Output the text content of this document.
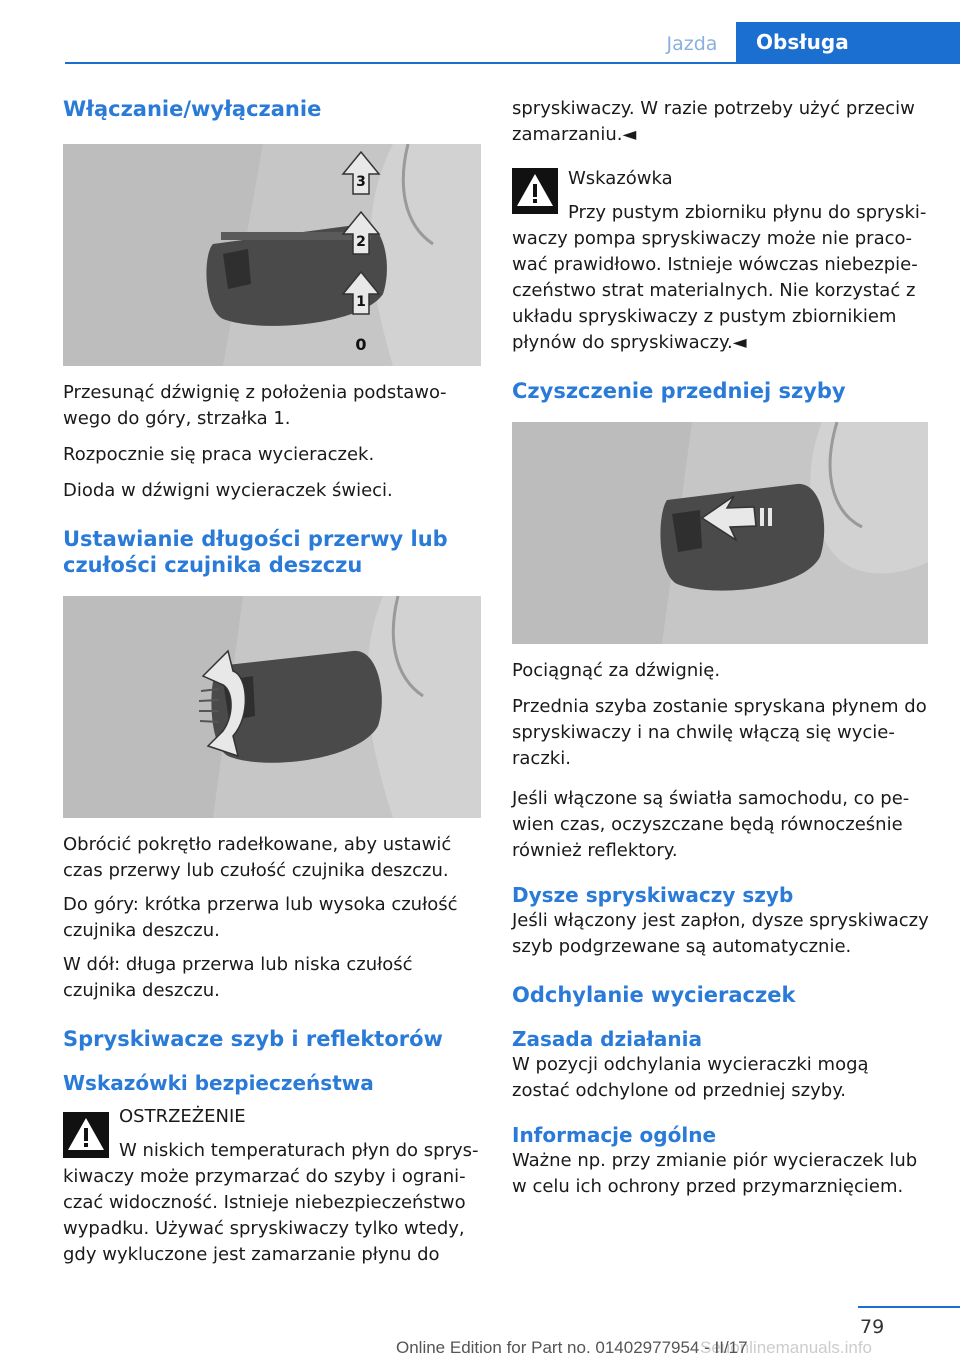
Jazda	Obsługa
Włączanie/wyłączanie
0
1
2
3

Przesunąć dźwignię z położenia podstawowego do góry, strzałka 1.

Rozpocznie się praca wycieraczek.

Dioda w dźwigni wycieraczek świeci.

Ustawianie długości przerwy lub czułości czujnika deszczu

Obrócić pokrętło radełkowane, aby ustawić czas przerwy lub czułość czujnika deszczu.

Do góry: krótka przerwa lub wysoka czułość czujnika deszczu.

W dół: długa przerwa lub niska czułość czujnika deszczu.

Spryskiwacze szyb i reflektorów
Wskazówki bezpieczeństwa

OSTRZEŻENIE

W niskich temperaturach płyn do spryskiwaczy może przymarzać do szyby i ograniczać widoczność. Istnieje niebezpieczeństwo wypadku. Używać spryskiwaczy tylko wtedy, gdy wykluczone jest zamarzanie płynu do

spryskiwaczy. W razie potrzeby użyć przeciw zamarzaniu.◄

Wskazówka

Przy pustym zbiorniku płynu do spryskiwaczy pompa spryskiwaczy może nie pracować prawidłowo. Istnieje wówczas niebezpieczeństwo strat materialnych. Nie korzystać z układu spryskiwaczy z pustym zbiornikiem płynów do spryskiwaczy.◄

Czyszczenie przedniej szyby

Pociągnąć za dźwignię.

Przednia szyba zostanie spryskana płynem do spryskiwaczy i na chwilę włączą się wycieraczki.

Jeśli włączone są światła samochodu, co pewien czas, oczyszczane będą równocześnie również reflektory.

Dysze spryskiwaczy szyb

Jeśli włączony jest zapłon, dysze spryskiwaczy szyb podgrzewane są automatycznie.

Odchylanie wycieraczek
Zasada działania

W pozycji odchylania wycieraczki mogą zostać odchylone od przedniej szyby.

Informacje ogólne

Ważne np. przy zmianie piór wycieraczek lub w celu ich ochrony przed przymarznięciem.

79
Seuonlinemanuals.info
Online Edition for Part no. 01402977954 - II/17
